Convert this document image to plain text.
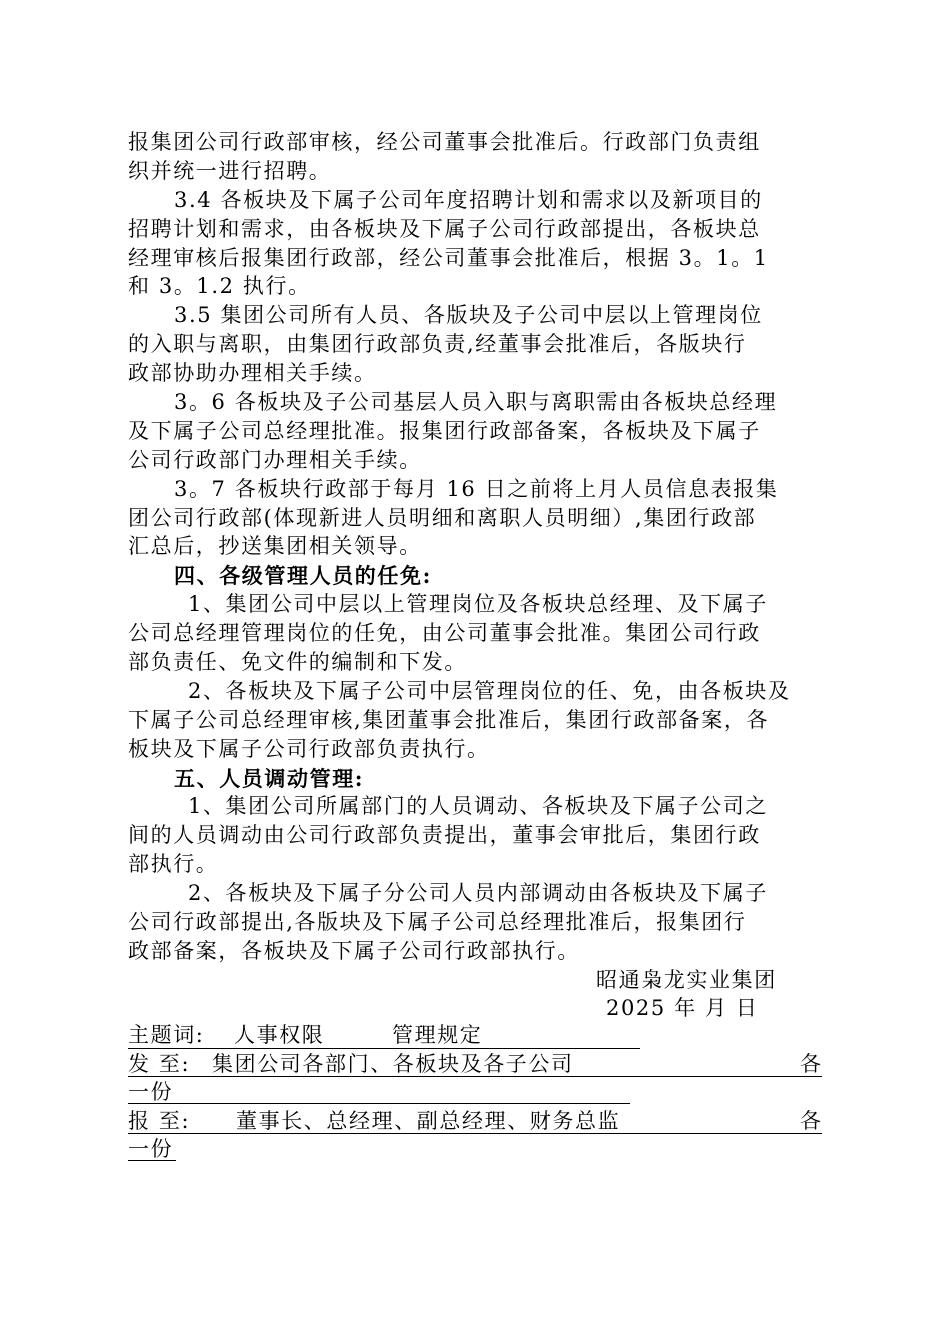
报集团公司行政部审核，经公司董事会批准后。行政部门负责组
织并统一进行招聘。
3.4 各板块及下属子公司年度招聘计划和需求以及新项目的
招聘计划和需求，由各板块及下属子公司行政部提出，各板块总
经理审核后报集团行政部，经公司董事会批准后，根据 3。1。1
和 3。1.2 执行。
3.5 集团公司所有人员、各版块及子公司中层以上管理岗位
的入职与离职，由集团行政部负责,经董事会批准后，各版块行
政部协助办理相关手续。
3。6 各板块及子公司基层人员入职与离职需由各板块总经理
及下属子公司总经理批准。报集团行政部备案，各板块及下属子
公司行政部门办理相关手续。
3。7 各板块行政部于每月 16 日之前将上月人员信息表报集
团公司行政部(体现新进人员明细和离职人员明细）,集团行政部
汇总后，抄送集团相关领导。
四、各级管理人员的任免:
1、集团公司中层以上管理岗位及各板块总经理、及下属子
公司总经理管理岗位的任免，由公司董事会批准。集团公司行政
部负责任、免文件的编制和下发。
2、各板块及下属子公司中层管理岗位的任、免，由各板块及
下属子公司总经理审核,集团董事会批准后，集团行政部备案，各
板块及下属子公司行政部负责执行。
五、人员调动管理:
1、集团公司所属部门的人员调动、各板块及下属子公司之
间的人员调动由公司行政部负责提出，董事会审批后，集团行政
部执行。
2、各板块及下属子分公司人员内部调动由各板块及下属子
公司行政部提出,各版块及下属子公司总经理批准后，报集团行
政部备案，各板块及下属子公司行政部执行。
昭通枭龙实业集团
2025 年 月 日
主题词: 人事权限	管理规定
发 至: 集团公司各部门、各板块及各子公司	各
一份
报 至: 董事长、总经理、副总经理、财务总监	各
一份
